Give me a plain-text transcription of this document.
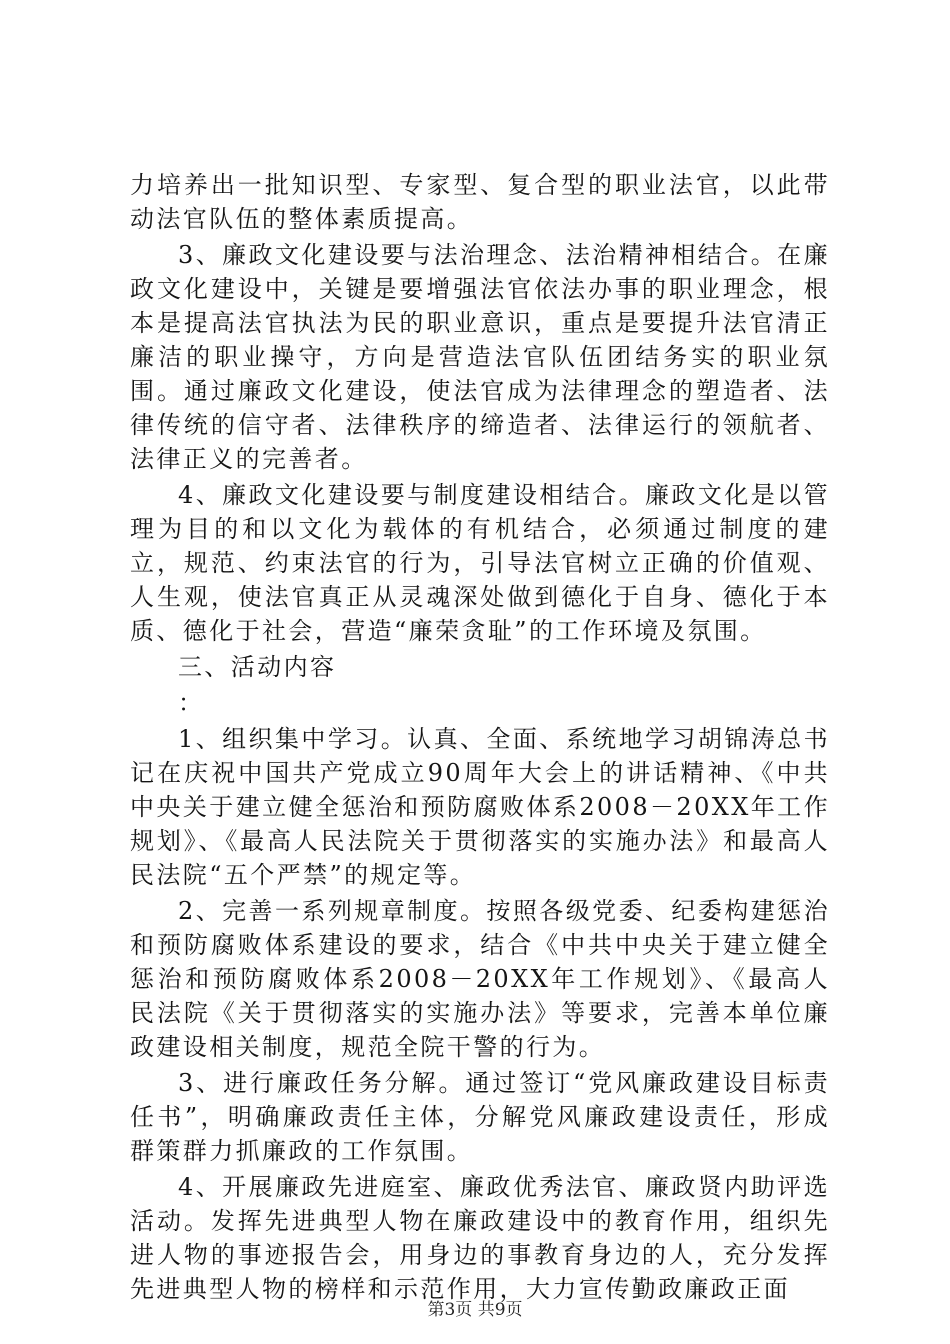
力培养出一批知识型、专家型、复合型的职业法官，以此带动法官队伍的整体素质提高。

3、廉政文化建设要与法治理念、法治精神相结合。在廉政文化建设中，关键是要增强法官依法办事的职业理念，根本是提高法官执法为民的职业意识，重点是要提升法官清正廉洁的职业操守，方向是营造法官队伍团结务实的职业氛围。通过廉政文化建设，使法官成为法律理念的塑造者、法律传统的信守者、法律秩序的缔造者、法律运行的领航者、法律正义的完善者。

4、廉政文化建设要与制度建设相结合。廉政文化是以管理为目的和以文化为载体的有机结合，必须通过制度的建立，规范、约束法官的行为，引导法官树立正确的价值观、人生观，使法官真正从灵魂深处做到德化于自身、德化于本质、德化于社会，营造“廉荣贪耻”的工作环境及氛围。

三、活动内容

：

1、组织集中学习。认真、全面、系统地学习胡锦涛总书记在庆祝中国共产党成立90周年大会上的讲话精神、《中共中央关于建立健全惩治和预防腐败体系2008－20XX年工作规划》、《最高人民法院关于贯彻落实的实施办法》和最高人民法院“五个严禁”的规定等。

2、完善一系列规章制度。按照各级党委、纪委构建惩治和预防腐败体系建设的要求，结合《中共中央关于建立健全惩治和预防腐败体系2008－20XX年工作规划》、《最高人民法院《关于贯彻落实的实施办法》等要求，完善本单位廉政建设相关制度，规范全院干警的行为。

3、进行廉政任务分解。通过签订“党风廉政建设目标责任书”，明确廉政责任主体，分解党风廉政建设责任，形成群策群力抓廉政的工作氛围。

4、开展廉政先进庭室、廉政优秀法官、廉政贤内助评选活动。发挥先进典型人物在廉政建设中的教育作用，组织先进人物的事迹报告会，用身边的事教育身边的人，充分发挥先进典型人物的榜样和示范作用，大力宣传勤政廉政正面

第3页 共9页
